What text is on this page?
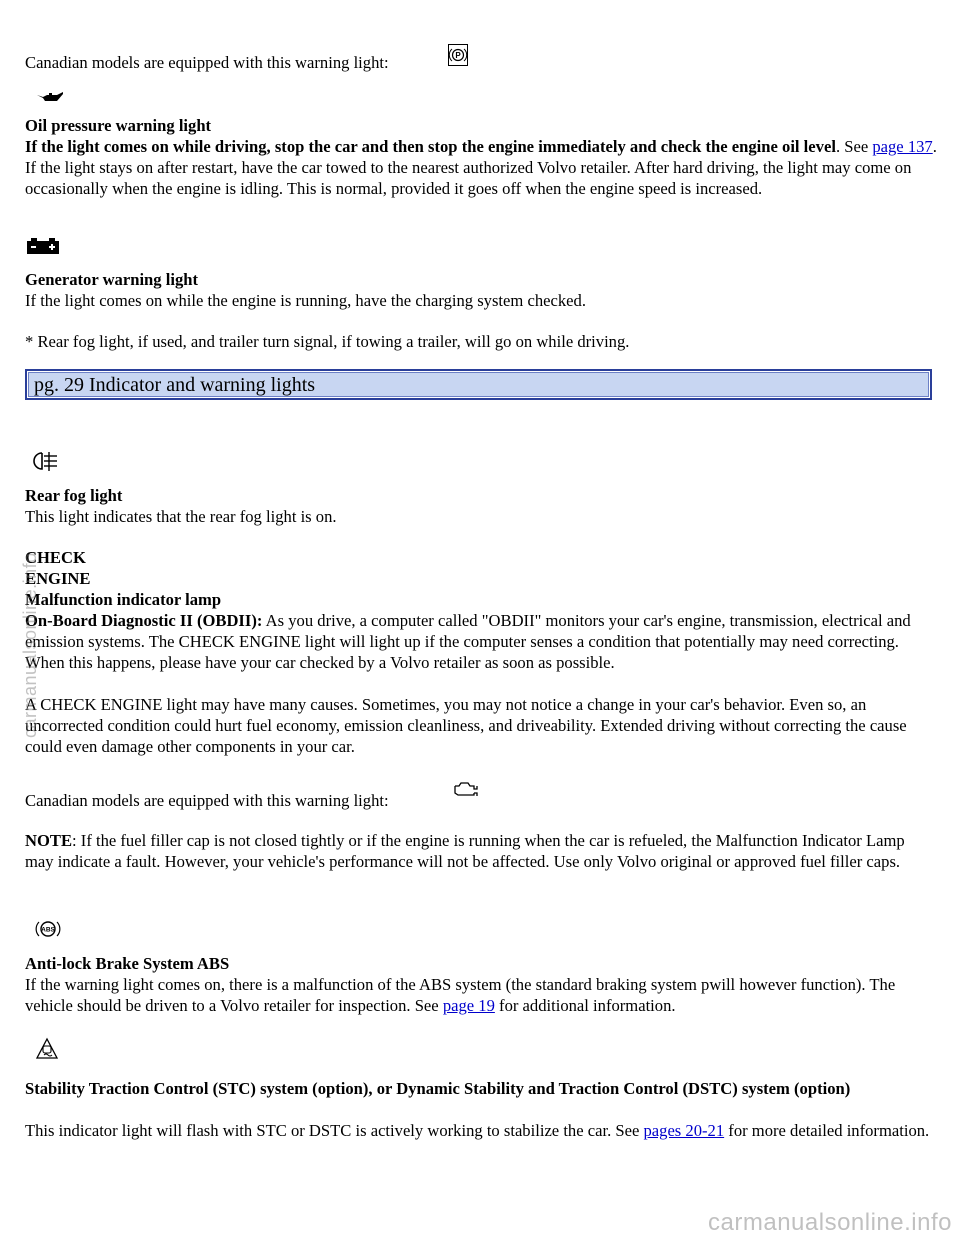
Canadian models are equipped with this warning light:	P

Oil pressure warning light

If the light comes on while driving, stop the car and then stop the engine immediately and check the engine oil level. See page 137. If the light stays on after restart, have the car towed to the nearest authorized Volvo retailer. After hard driving, the light may come on occasionally when the engine is idling. This is normal, provided it goes off when the engine speed is increased.

Generator warning light

If the light comes on while the engine is running, have the charging system checked.

* Rear fog light, if used, and trailer turn signal, if towing a trailer, will go on while driving.

pg. 29 Indicator and warning lights

Rear fog light

This light indicates that the rear fog light is on.

CHECK

ENGINE

Malfunction indicator lamp

On-Board Diagnostic II (OBDII): As you drive, a computer called "OBDII" monitors your car's engine, transmission, electrical and emission systems. The CHECK ENGINE light will light up if the computer senses a condition that potentially may need correcting. When this happens, please have your car checked by a Volvo retailer as soon as possible.

A CHECK ENGINE light may have many causes. Sometimes, you may not notice a change in your car's behavior. Even so, an uncorrected condition could hurt fuel economy, emission cleanliness, and driveability. Extended driving without correcting the cause could even damage other components in your car.

Canadian models are equipped with this warning light:

NOTE: If the fuel filler cap is not closed tightly or if the engine is running when the car is refueled, the Malfunction Indicator Lamp may indicate a fault. However, your vehicle's performance will not be affected. Use only Volvo original or approved fuel filler caps.

ABS

Anti-lock Brake System ABS

If the warning light comes on, there is a malfunction of the ABS system (the standard braking system pwill however function). The vehicle should be driven to a Volvo retailer for inspection. See page 19 for additional information.

Stability Traction Control (STC) system (option), or Dynamic Stability and Traction Control (DSTC) system (option)

This indicator light will flash with STC or DSTC is actively working to stabilize the car. See pages 20-21 for more detailed information.

carmanualsonline.info
carmanualsonline.info
